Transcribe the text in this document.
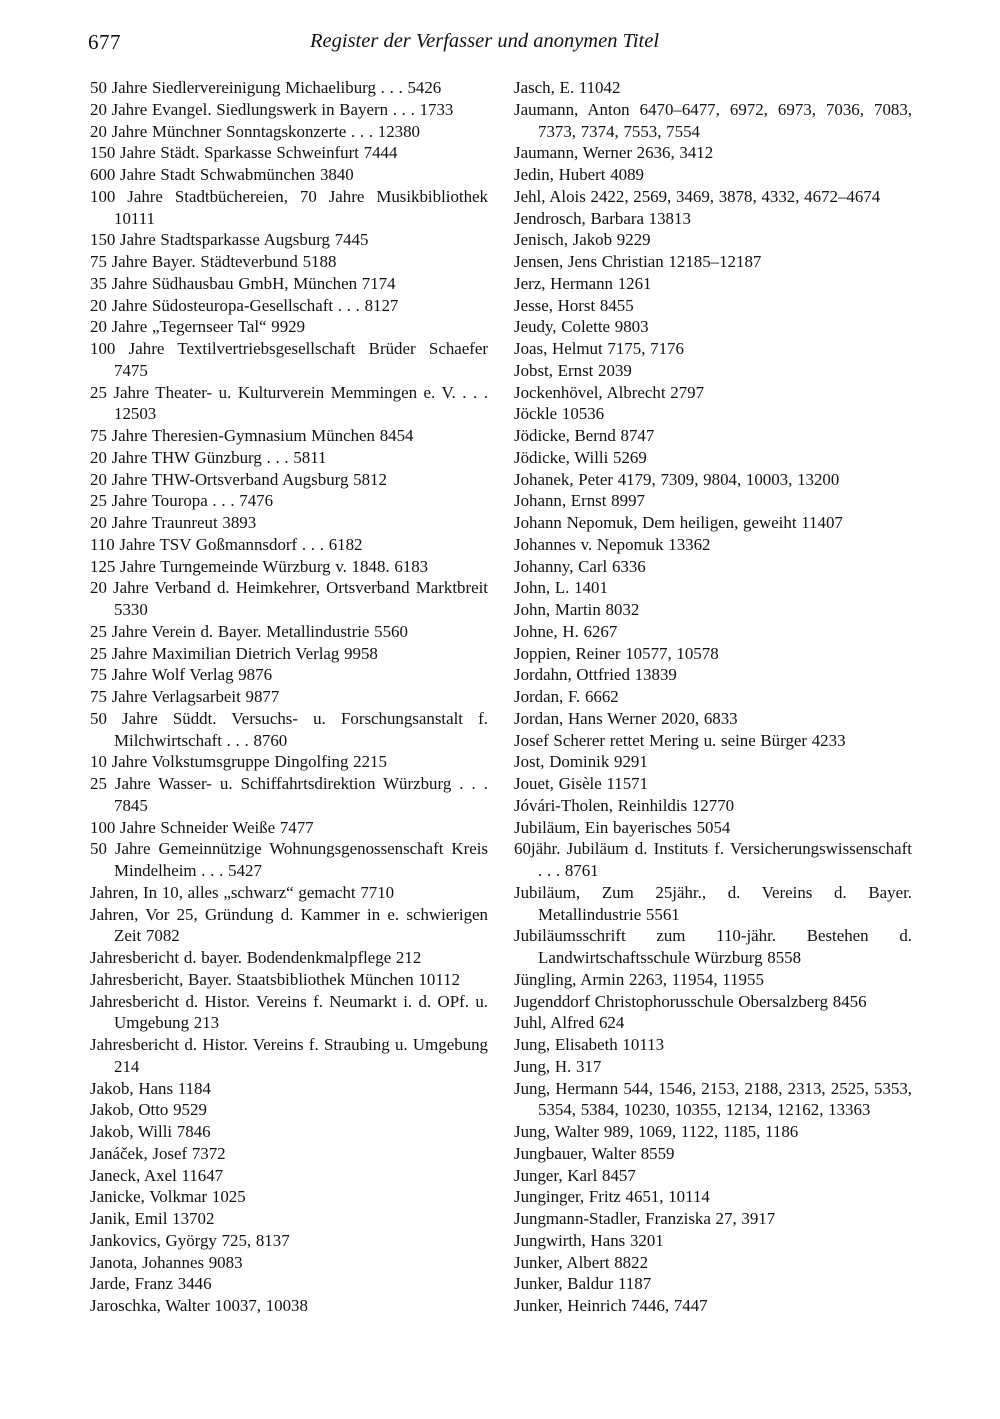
677	Register der Verfasser und anonymen Titel
50 Jahre Siedlervereinigung Michaeliburg . . . 5426
20 Jahre Evangel. Siedlungswerk in Bayern . . . 1733
20 Jahre Münchner Sonntagskonzerte . . . 12380
150 Jahre Städt. Sparkasse Schweinfurt 7444
600 Jahre Stadt Schwabmünchen 3840
100 Jahre Stadtbüchereien, 70 Jahre Musikbibliothek 10111
150 Jahre Stadtsparkasse Augsburg 7445
75 Jahre Bayer. Städteverbund 5188
35 Jahre Südhausbau GmbH, München 7174
20 Jahre Südosteuropa-Gesellschaft . . . 8127
20 Jahre „Tegernseer Tal“ 9929
100 Jahre Textilvertriebsgesellschaft Brüder Schaefer 7475
25 Jahre Theater- u. Kulturverein Memmingen e. V. . . . 12503
75 Jahre Theresien-Gymnasium München 8454
20 Jahre THW Günzburg . . . 5811
20 Jahre THW-Ortsverband Augsburg 5812
25 Jahre Touropa . . . 7476
20 Jahre Traunreut 3893
110 Jahre TSV Goßmannsdorf . . . 6182
125 Jahre Turngemeinde Würzburg v. 1848. 6183
20 Jahre Verband d. Heimkehrer, Ortsverband Marktbreit 5330
25 Jahre Verein d. Bayer. Metallindustrie 5560
25 Jahre Maximilian Dietrich Verlag 9958
75 Jahre Wolf Verlag 9876
75 Jahre Verlagsarbeit 9877
50 Jahre Süddt. Versuchs- u. Forschungsanstalt f. Milchwirtschaft . . . 8760
10 Jahre Volkstumsgruppe Dingolfing 2215
25 Jahre Wasser- u. Schiffahrtsdirektion Würzburg . . . 7845
100 Jahre Schneider Weiße 7477
50 Jahre Gemeinnützige Wohnungsgenossenschaft Kreis Mindelheim . . . 5427
Jahren, In 10, alles „schwarz“ gemacht 7710
Jahren, Vor 25, Gründung d. Kammer in e. schwierigen Zeit 7082
Jahresbericht d. bayer. Bodendenkmalpflege 212
Jahresbericht, Bayer. Staatsbibliothek München 10112
Jahresbericht d. Histor. Vereins f. Neumarkt i. d. OPf. u. Umgebung 213
Jahresbericht d. Histor. Vereins f. Straubing u. Umgebung 214
Jakob, Hans 1184
Jakob, Otto 9529
Jakob, Willi 7846
Janáček, Josef 7372
Janeck, Axel 11647
Janicke, Volkmar 1025
Janik, Emil 13702
Jankovics, György 725, 8137
Janota, Johannes 9083
Jarde, Franz 3446
Jaroschka, Walter 10037, 10038
Jasch, E. 11042
Jaumann, Anton 6470–6477, 6972, 6973, 7036, 7083, 7373, 7374, 7553, 7554
Jaumann, Werner 2636, 3412
Jedin, Hubert 4089
Jehl, Alois 2422, 2569, 3469, 3878, 4332, 4672–4674
Jendrosch, Barbara 13813
Jenisch, Jakob 9229
Jensen, Jens Christian 12185–12187
Jerz, Hermann 1261
Jesse, Horst 8455
Jeudy, Colette 9803
Joas, Helmut 7175, 7176
Jobst, Ernst 2039
Jockenhövel, Albrecht 2797
Jöckle 10536
Jödicke, Bernd 8747
Jödicke, Willi 5269
Johanek, Peter 4179, 7309, 9804, 10003, 13200
Johann, Ernst 8997
Johann Nepomuk, Dem heiligen, geweiht 11407
Johannes v. Nepomuk 13362
Johanny, Carl 6336
John, L. 1401
John, Martin 8032
Johne, H. 6267
Joppien, Reiner 10577, 10578
Jordahn, Ottfried 13839
Jordan, F. 6662
Jordan, Hans Werner 2020, 6833
Josef Scherer rettet Mering u. seine Bürger 4233
Jost, Dominik 9291
Jouet, Gisèle 11571
Jóvári-Tholen, Reinhildis 12770
Jubiläum, Ein bayerisches 5054
60jähr. Jubiläum d. Instituts f. Versicherungswissenschaft . . . 8761
Jubiläum, Zum 25jähr., d. Vereins d. Bayer. Metallindustrie 5561
Jubiläumsschrift zum 110-jähr. Bestehen d. Landwirtschaftsschule Würzburg 8558
Jüngling, Armin 2263, 11954, 11955
Jugenddorf Christophorusschule Obersalzberg 8456
Juhl, Alfred 624
Jung, Elisabeth 10113
Jung, H. 317
Jung, Hermann 544, 1546, 2153, 2188, 2313, 2525, 5353, 5354, 5384, 10230, 10355, 12134, 12162, 13363
Jung, Walter 989, 1069, 1122, 1185, 1186
Jungbauer, Walter 8559
Junger, Karl 8457
Junginger, Fritz 4651, 10114
Jungmann-Stadler, Franziska 27, 3917
Jungwirth, Hans 3201
Junker, Albert 8822
Junker, Baldur 1187
Junker, Heinrich 7446, 7447
